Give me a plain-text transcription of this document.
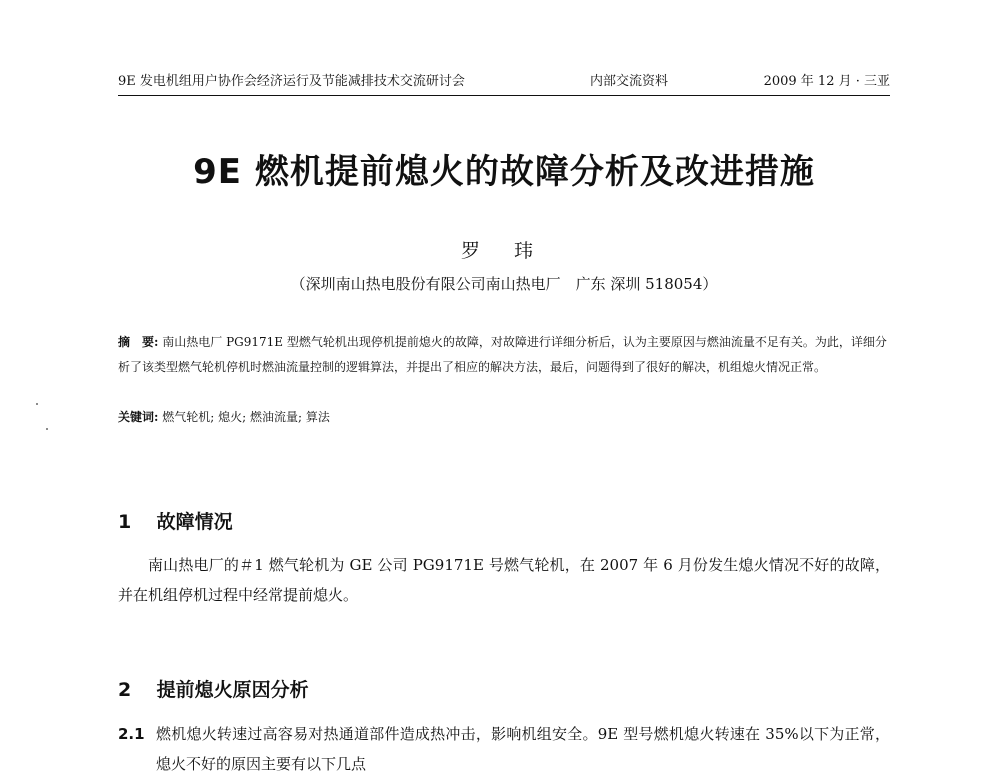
9E 发电机组用户协作会经济运行及节能减排技术交流研讨会	内部交流资料	2009 年 12 月 · 三亚
9E 燃机提前熄火的故障分析及改进措施
罗 玮
（深圳南山热电股份有限公司南山热电厂　广东 深圳 518054）
摘　要: 南山热电厂 PG9171E 型燃气轮机出现停机提前熄火的故障，对故障进行详细分析后，认为主要原因与燃油流量不足有关。为此，详细分析了该类型燃气轮机停机时燃油流量控制的逻辑算法，并提出了相应的解决方法，最后，问题得到了很好的解决，机组熄火情况正常。
关键词: 燃气轮机; 熄火; 燃油流量; 算法
1 故障情况
南山热电厂的＃1 燃气轮机为 GE 公司 PG9171E 号燃气轮机，在 2007 年 6 月份发生熄火情况不好的故障，并在机组停机过程中经常提前熄火。
2 提前熄火原因分析
2.1 燃机熄火转速过高容易对热通道部件造成热冲击，影响机组安全。9E 型号燃机熄火转速在 35%以下为正常，熄火不好的原因主要有以下几点
